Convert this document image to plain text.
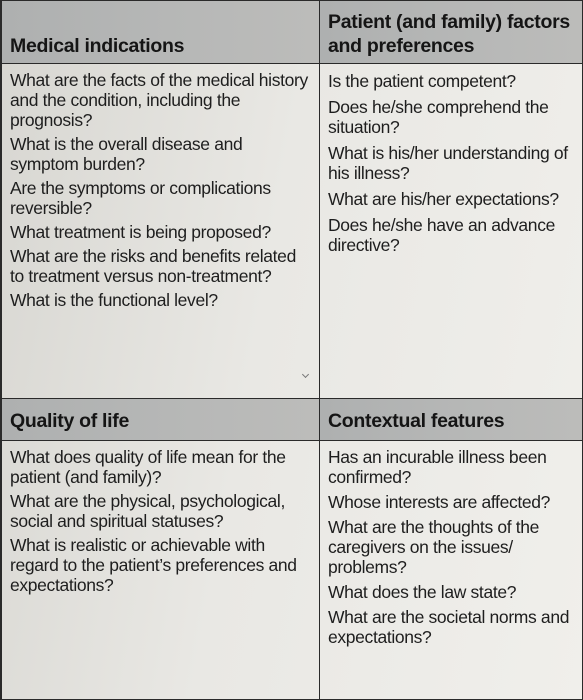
Medical indications
Patient (and family) factors and preferences
What are the facts of the medical history and the condition, including the prognosis?
What is the overall disease and symptom burden?
Are the symptoms or complications reversible?
What treatment is being proposed?
What are the risks and benefits related to treatment versus non-treatment?
What is the functional level?
Is the patient competent?
Does he/she comprehend the situation?
What is his/her understanding of his illness?
What are his/her expectations?
Does he/she have an advance directive?
Quality of life	Contextual features
What does quality of life mean for the patient (and family)?
What are the physical, psychological, social and spiritual statuses?
What is realistic or achievable with regard to the patient’s preferences and expectations?
Has an incurable illness been confirmed?
Whose interests are affected?
What are the thoughts of the caregivers on the issues/ problems?
What does the law state?
What are the societal norms and expectations?
